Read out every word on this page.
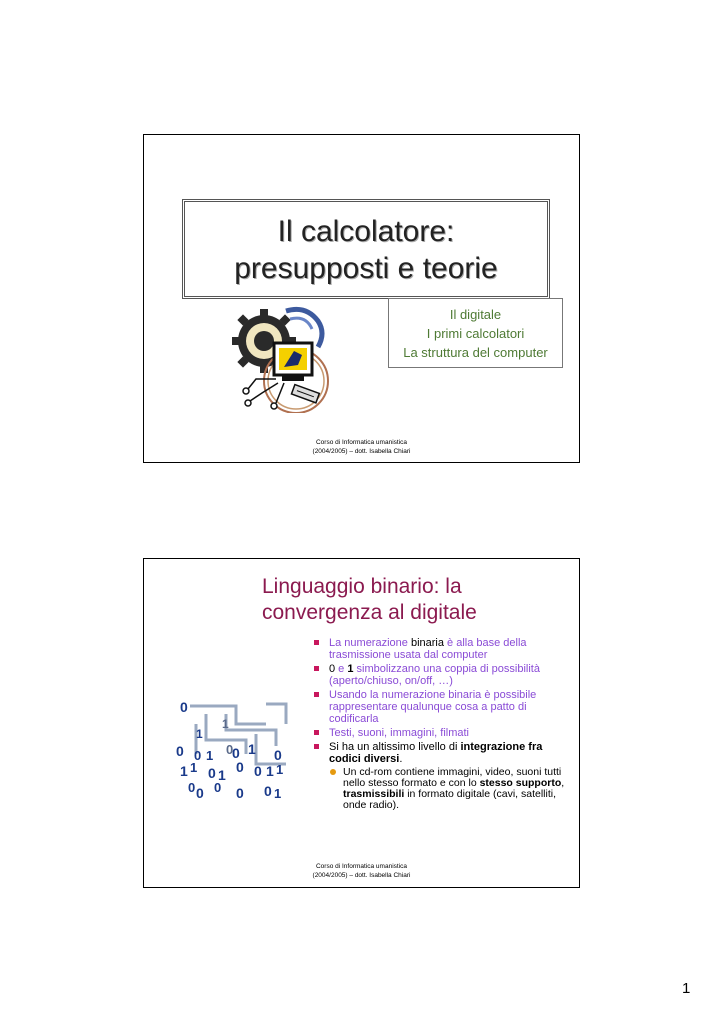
Il calcolatore:
presupposti e teorie
Il digitale
I primi calcolatori
La struttura del computer
Corso di Informatica umanistica
(2004/2005) – dott. Isabella Chiari
Linguaggio binario: la
convergenza al digitale
0
1
1
0 0 1 0
0 1 0
1 1 0 1 0 0 1 1
0 0 0 0 0 1
La numerazione binaria è alla base della trasmissione usata dal computer
0 e 1 simbolizzano una coppia di possibilità (aperto/chiuso, on/off, …)
Usando la numerazione binaria è possibile rappresentare qualunque cosa a patto di codificarla
Testi, suoni, immagini, filmati
Si ha un altissimo livello di integrazione fra codici diversi.
Un cd-rom contiene immagini, video, suoni tutti nello stesso formato e con lo stesso supporto, trasmissibili in formato digitale (cavi, satelliti, onde radio).
Corso di Informatica umanistica
(2004/2005) – dott. Isabella Chiari
1
